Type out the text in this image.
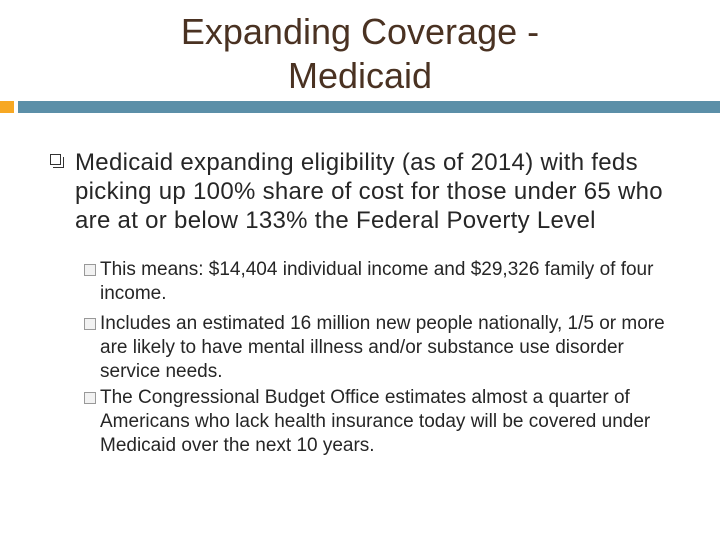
Expanding Coverage -
Medicaid
Medicaid expanding eligibility (as of 2014) with feds picking up 100% share of cost for those under 65 who are at or below 133% the Federal Poverty Level
This means: $14,404 individual income and $29,326 family of four income.
Includes an estimated 16 million new people nationally, 1/5 or more are likely to have mental illness and/or substance use disorder service needs.
The Congressional Budget Office estimates almost a quarter of Americans who lack health insurance today will be covered under Medicaid over the next 10 years.
